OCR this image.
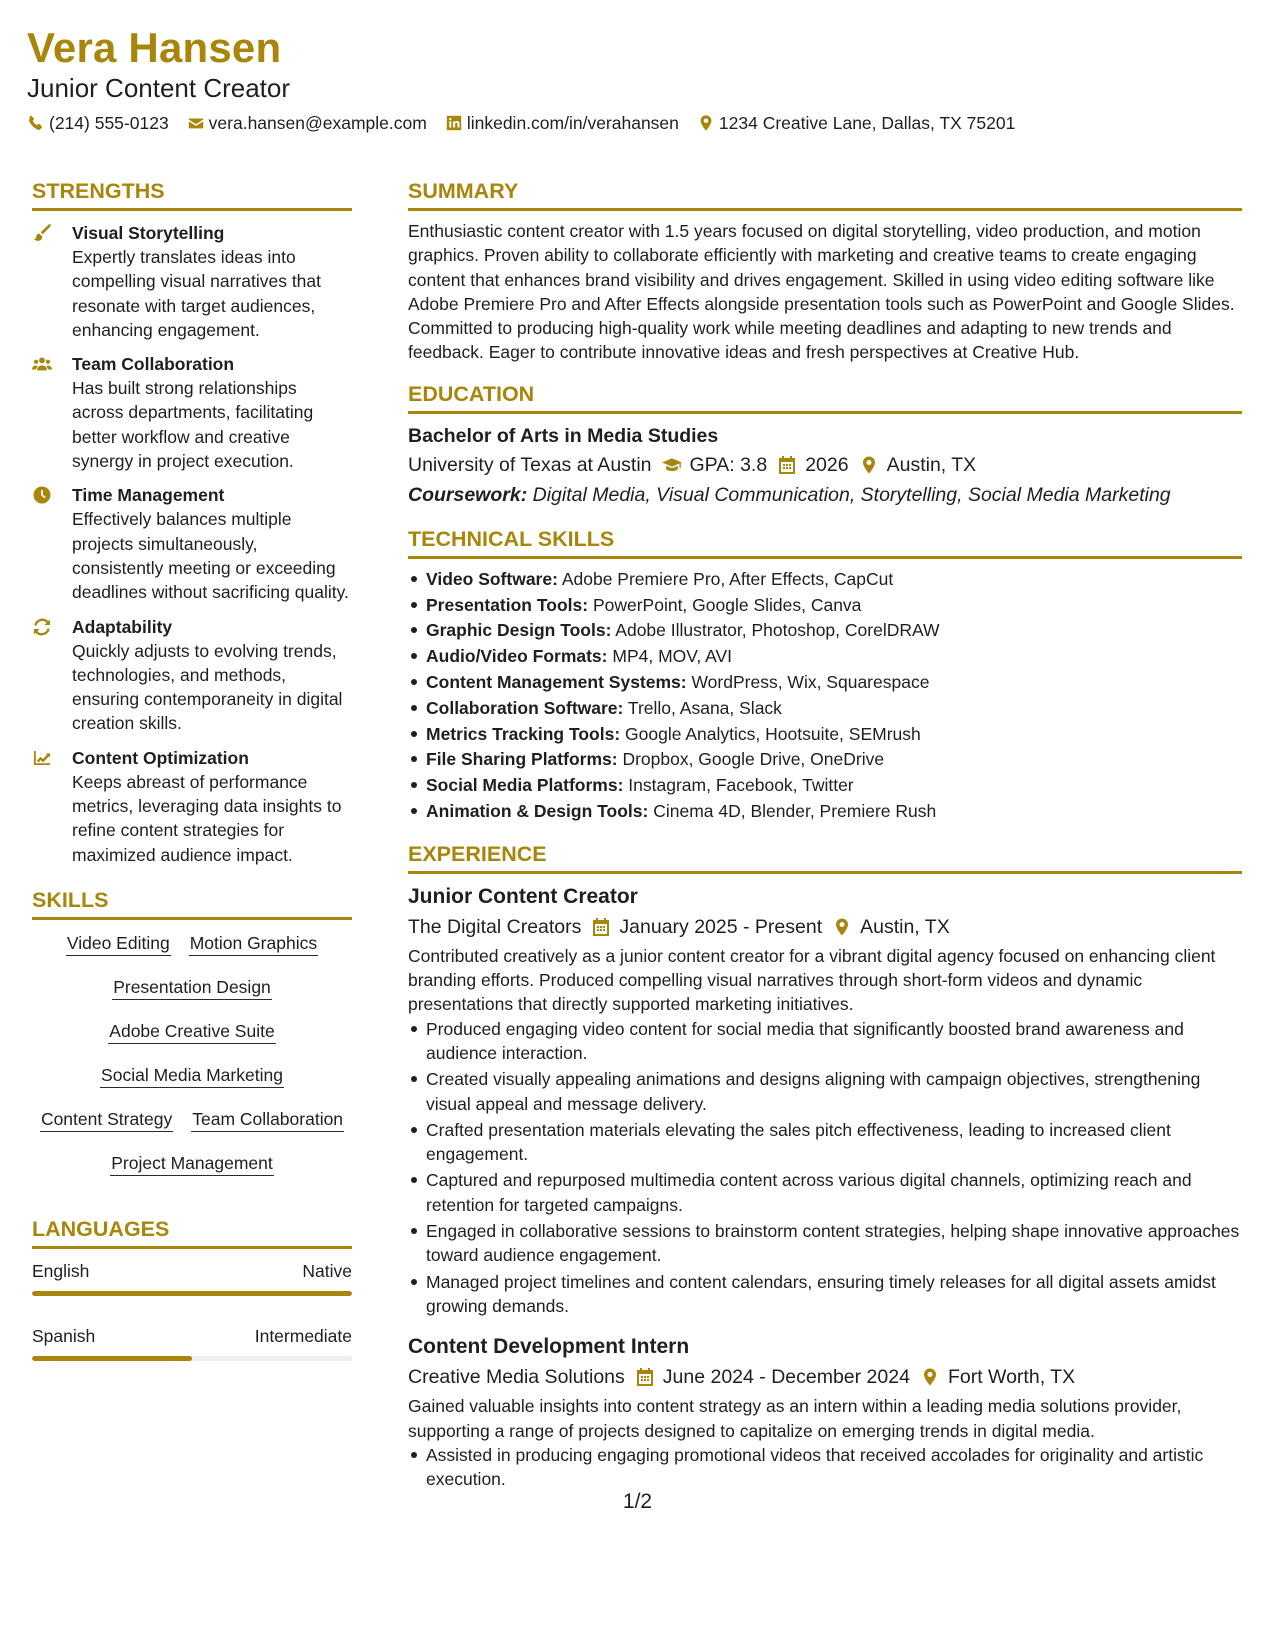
Vera Hansen
Junior Content Creator
(214) 555-0123 vera.hansen@example.com linkedin.com/in/verahansen 1234 Creative Lane, Dallas, TX 75201
STRENGTHS
Visual Storytelling
Expertly translates ideas into compelling visual narratives that resonate with target audiences, enhancing engagement.
Team Collaboration
Has built strong relationships across departments, facilitating better workflow and creative synergy in project execution.
Time Management
Effectively balances multiple projects simultaneously, consistently meeting or exceeding deadlines without sacrificing quality.
Adaptability
Quickly adjusts to evolving trends, technologies, and methods, ensuring contemporaneity in digital creation skills.
Content Optimization
Keeps abreast of performance metrics, leveraging data insights to refine content strategies for maximized audience impact.
SKILLS
Video Editing Motion Graphics
Presentation Design
Adobe Creative Suite
Social Media Marketing
Content Strategy Team Collaboration
Project Management
LANGUAGES
English	Native
Spanish	Intermediate
SUMMARY
Enthusiastic content creator with 1.5 years focused on digital storytelling, video production, and motion graphics. Proven ability to collaborate efficiently with marketing and creative teams to create engaging content that enhances brand visibility and drives engagement. Skilled in using video editing software like Adobe Premiere Pro and After Effects alongside presentation tools such as PowerPoint and Google Slides. Committed to producing high-quality work while meeting deadlines and adapting to new trends and feedback. Eager to contribute innovative ideas and fresh perspectives at Creative Hub.
EDUCATION
Bachelor of Arts in Media Studies
University of Texas at Austin GPA: 3.8 2026 Austin, TX
Coursework: Digital Media, Visual Communication, Storytelling, Social Media Marketing
TECHNICAL SKILLS
Video Software: Adobe Premiere Pro, After Effects, CapCut
Presentation Tools: PowerPoint, Google Slides, Canva
Graphic Design Tools: Adobe Illustrator, Photoshop, CorelDRAW
Audio/Video Formats: MP4, MOV, AVI
Content Management Systems: WordPress, Wix, Squarespace
Collaboration Software: Trello, Asana, Slack
Metrics Tracking Tools: Google Analytics, Hootsuite, SEMrush
File Sharing Platforms: Dropbox, Google Drive, OneDrive
Social Media Platforms: Instagram, Facebook, Twitter
Animation & Design Tools: Cinema 4D, Blender, Premiere Rush
EXPERIENCE
Junior Content Creator
The Digital Creators January 2025 - Present Austin, TX
Contributed creatively as a junior content creator for a vibrant digital agency focused on enhancing client branding efforts. Produced compelling visual narratives through short-form videos and dynamic presentations that directly supported marketing initiatives.
Produced engaging video content for social media that significantly boosted brand awareness and audience interaction.
Created visually appealing animations and designs aligning with campaign objectives, strengthening visual appeal and message delivery.
Crafted presentation materials elevating the sales pitch effectiveness, leading to increased client engagement.
Captured and repurposed multimedia content across various digital channels, optimizing reach and retention for targeted campaigns.
Engaged in collaborative sessions to brainstorm content strategies, helping shape innovative approaches toward audience engagement.
Managed project timelines and content calendars, ensuring timely releases for all digital assets amidst growing demands.
Content Development Intern
Creative Media Solutions June 2024 - December 2024 Fort Worth, TX
Gained valuable insights into content strategy as an intern within a leading media solutions provider, supporting a range of projects designed to capitalize on emerging trends in digital media.
Assisted in producing engaging promotional videos that received accolades for originality and artistic execution.
1/2
